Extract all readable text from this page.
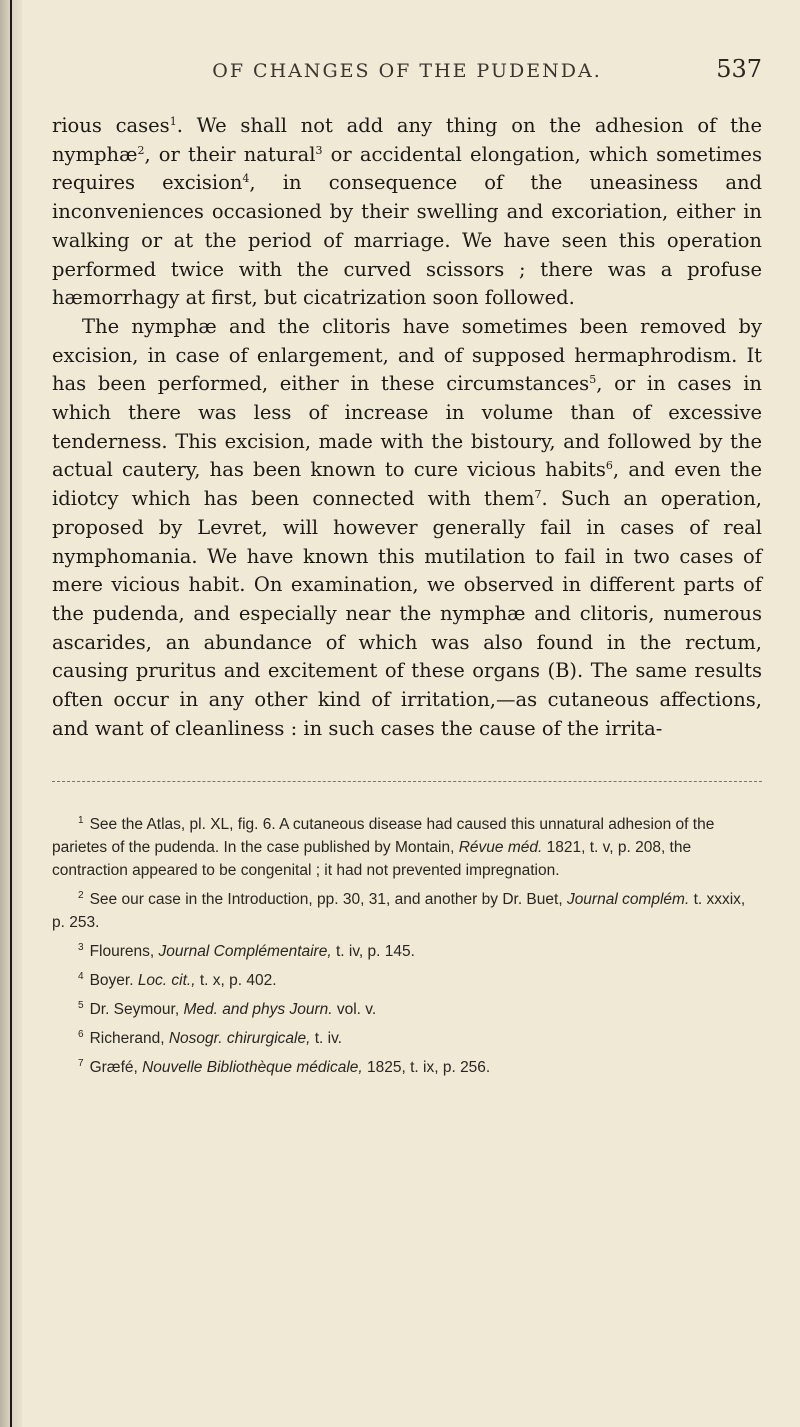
OF CHANGES OF THE PUDENDA.	537

rious cases$^1$. We shall not add any thing on the adhesion of the nymphæ$^2$, or their natural$^3$ or accidental elongation, which sometimes requires excision$^4$, in consequence of the uneasiness and inconveniences occasioned by their swelling and excoriation, either in walking or at the period of marriage. We have seen this operation performed twice with the curved scissors ; there was a profuse hæmorrhagy at first, but cicatrization soon followed.

The nymphæ and the clitoris have sometimes been removed by excision, in case of enlargement, and of supposed hermaphrodism. It has been performed, either in these circumstances$^5$, or in cases in which there was less of increase in volume than of excessive tenderness. This excision, made with the bistoury, and followed by the actual cautery, has been known to cure vicious habits$^6$, and even the idiotcy which has been connected with them$^7$. Such an operation, proposed by Levret, will however generally fail in cases of real nymphomania. We have known this mutilation to fail in two cases of mere vicious habit. On examination, we observed in different parts of the pudenda, and especially near the nymphæ and clitoris, numerous ascarides, an abundance of which was also found in the rectum, causing pruritus and excitement of these organs (B). The same results often occur in any other kind of irritation,—as cutaneous affections, and want of cleanliness : in such cases the cause of the irrita-

$^1$ See the Atlas, pl. XL, fig. 6. A cutaneous disease had caused this unnatural adhesion of the parietes of the pudenda. In the case published by Montain, Révue méd. 1821, t. v, p. 208, the contraction appeared to be congenital ; it had not prevented impregnation.

$^2$ See our case in the Introduction, pp. 30, 31, and another by Dr. Buet, Journal complém. t. xxxix, p. 253.

$^3$ Flourens, Journal Complémentaire, t. iv, p. 145.

$^4$ Boyer. Loc. cit., t. x, p. 402.

$^5$ Dr. Seymour, Med. and phys Journ. vol. v.

$^6$ Richerand, Nosogr. chirurgicale, t. iv.

$^7$ Græfé, Nouvelle Bibliothèque médicale, 1825, t. ix, p. 256.
